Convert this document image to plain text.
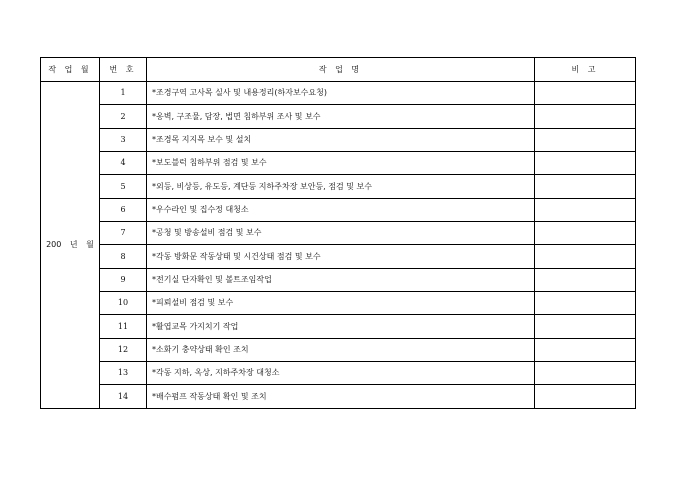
작 업 월	번 호	작 업 명	비 고
200 년 월	1	*조경구역 고사목 실사 및 내용정리(하자보수요청)	
	2	*옹벽, 구조물, 담장, 법면 침하부위 조사 및 보수	
	3	*조경목 지지목 보수 및 설치	
	4	*보도블럭 침하부위 점검 및 보수	
	5	*외등, 비상등, 유도등, 계단등 지하주차장 보안등, 점검 및 보수	
	6	*우수라인 및 집수정 대청소	
	7	*공청 및 방송설비 점검 및 보수	
	8	*각동 방화문 작동상태 및 시건상태 점검 및 보수	
	9	*전기실 단자확인 및 볼트조임작업	
	10	*피뢰설비 점검 및 보수	
	11	*활엽교목 가지치기 작업	
	12	*소화기 충약상태 확인 조치	
	13	*각동 지하, 옥상, 지하주차장 대청소	
	14	*배수펌프 작동상태 확인 및 조치	
